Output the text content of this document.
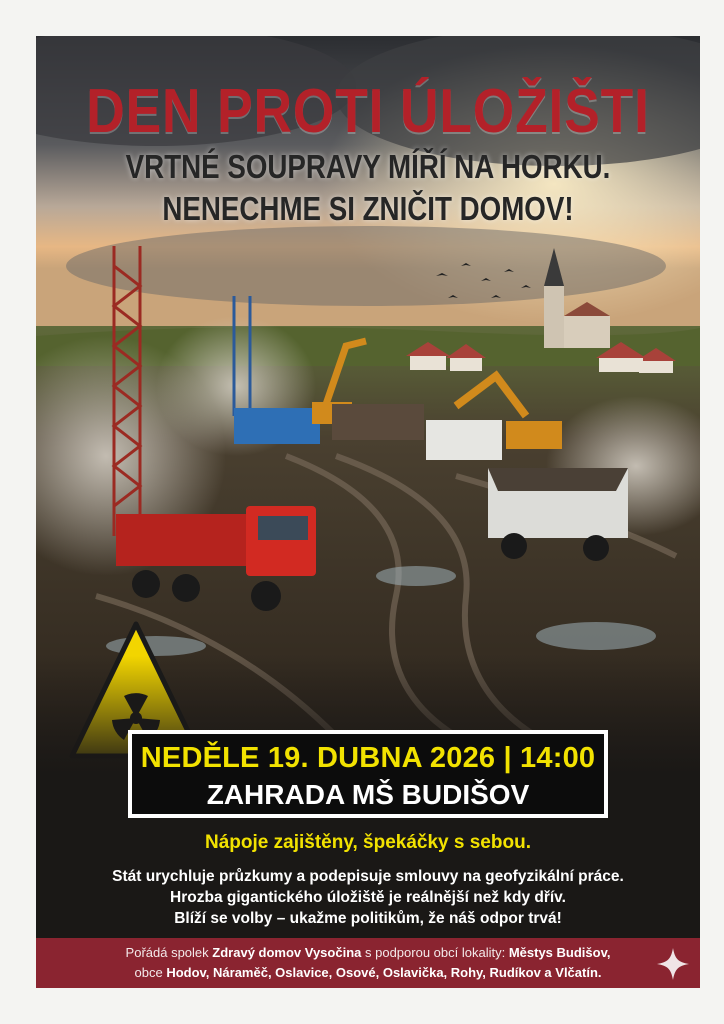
DEN PROTI ÚLOŽIŠTI
VRTNÉ SOUPRAVY MÍŘÍ NA HORKU.
NENECHME SI ZNIČIT DOMOV!
NEDĚLE 19. DUBNA 2026 | 14:00
ZAHRADA MŠ BUDIŠOV
Nápoje zajištěny, špekáčky s sebou.
Stát urychluje průzkumy a podepisuje smlouvy na geofyzikální práce.
Hrozba gigantického úložiště je reálnější než kdy dřív.
Blíží se volby – ukažme politikům, že náš odpor trvá!
Pořádá spolek Zdravý domov Vysočina s podporou obcí lokality: Městys Budišov,
obce Hodov, Náraměč, Oslavice, Osové, Oslavička, Rohy, Rudíkov a Vlčatín.
